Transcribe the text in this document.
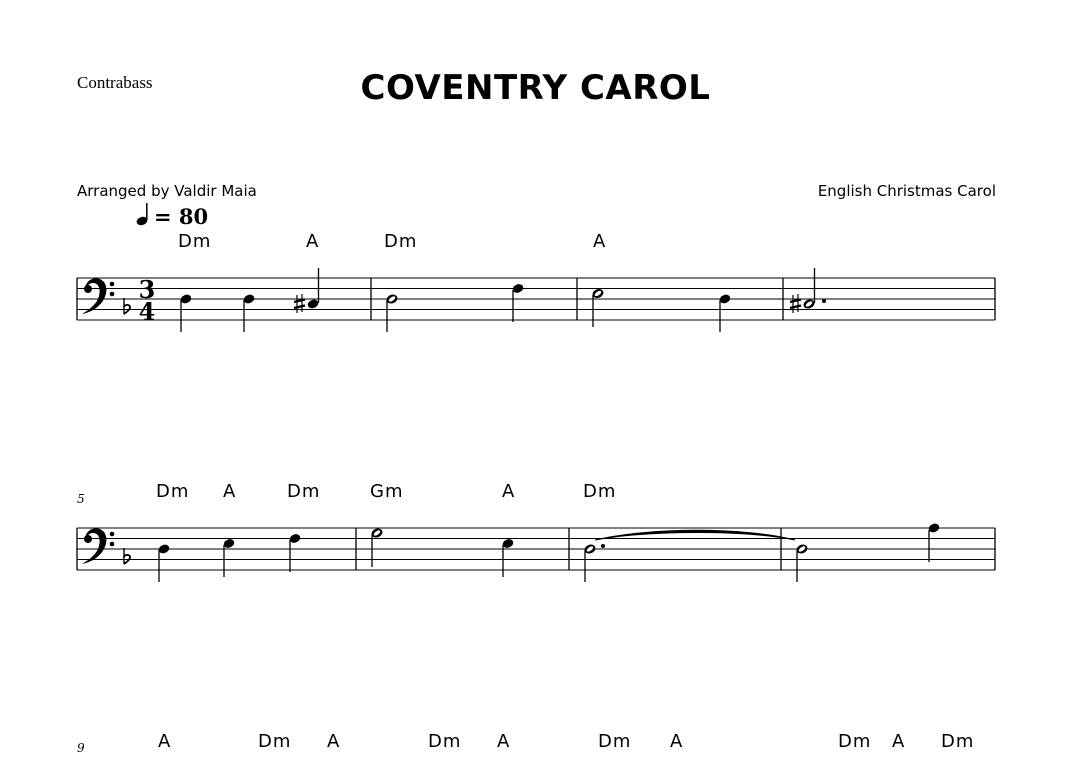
Contrabass	COVENTRY CAROL
Arranged by Valdir Maia	English Christmas Carol
= 80
Dm	A	Dm	A
5	Dm A	Dm	Gm	A	Dm
9	A	Dm A	Dm A	Dm A	Dm A Dm
3
4
